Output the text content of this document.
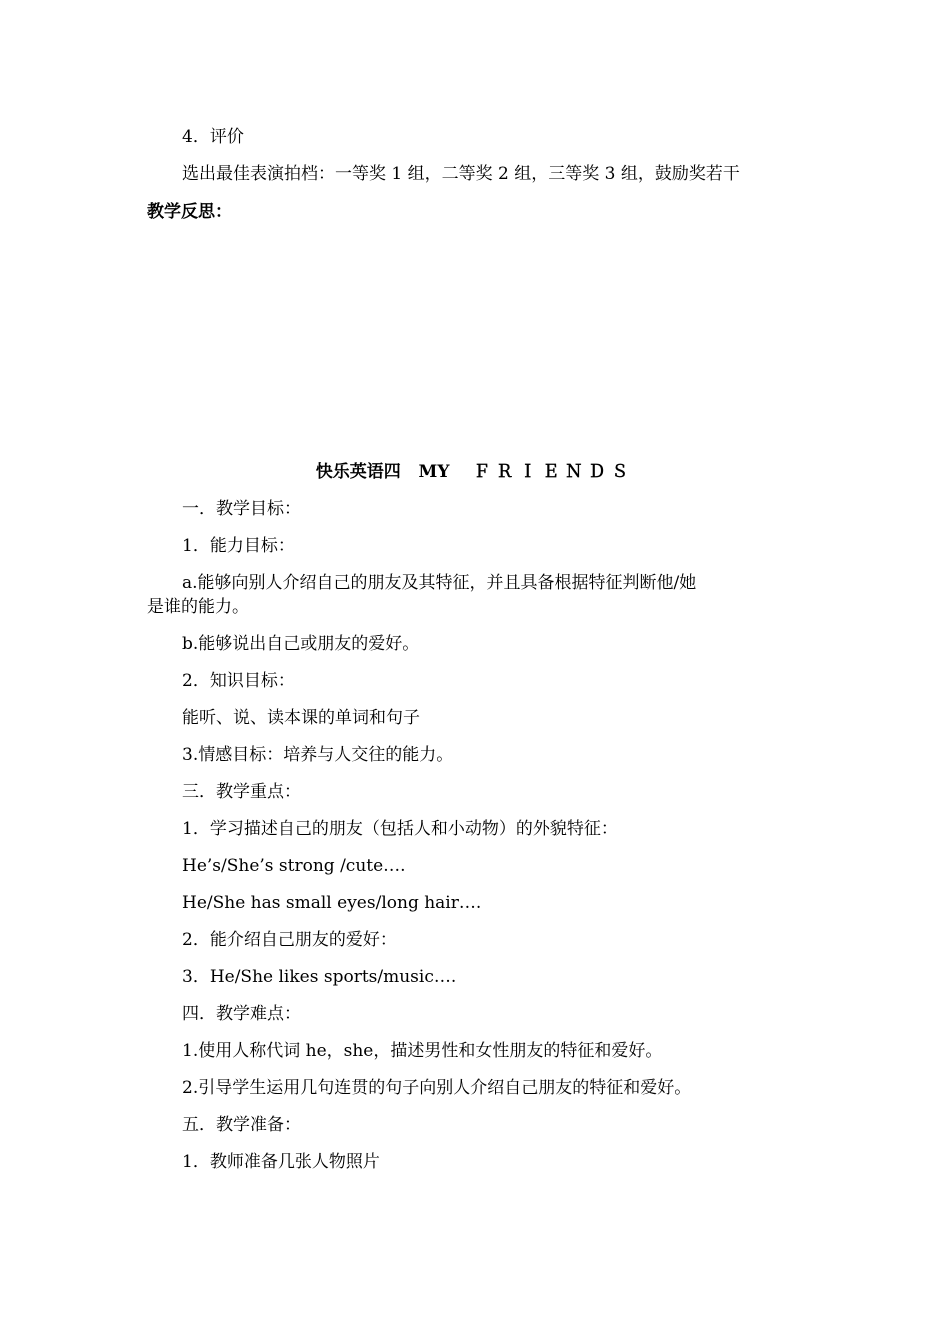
4．评价
选出最佳表演拍档：一等奖 1 组，二等奖 2 组，三等奖 3 组，鼓励奖若干
教学反思：
快乐英语四 MY ＦＲＩＥＮＤＳ
一．教学目标：
1．能力目标：
a.能够向别人介绍自己的朋友及其特征，并且具备根据特征判断他/她
是谁的能力。
b.能够说出自己或朋友的爱好。
2．知识目标：
能听、说、读本课的单词和句子
3.情感目标：培养与人交往的能力。
三．教学重点：
1．学习描述自己的朋友（包括人和小动物）的外貌特征：
He’s/She’s strong /cute….
He/She has small eyes/long hair….
2．能介绍自己朋友的爱好：
3．He/She likes sports/music….
四．教学难点：
1.使用人称代词 he，she，描述男性和女性朋友的特征和爱好。
2.引导学生运用几句连贯的句子向别人介绍自己朋友的特征和爱好。
五．教学准备：
1．教师准备几张人物照片
